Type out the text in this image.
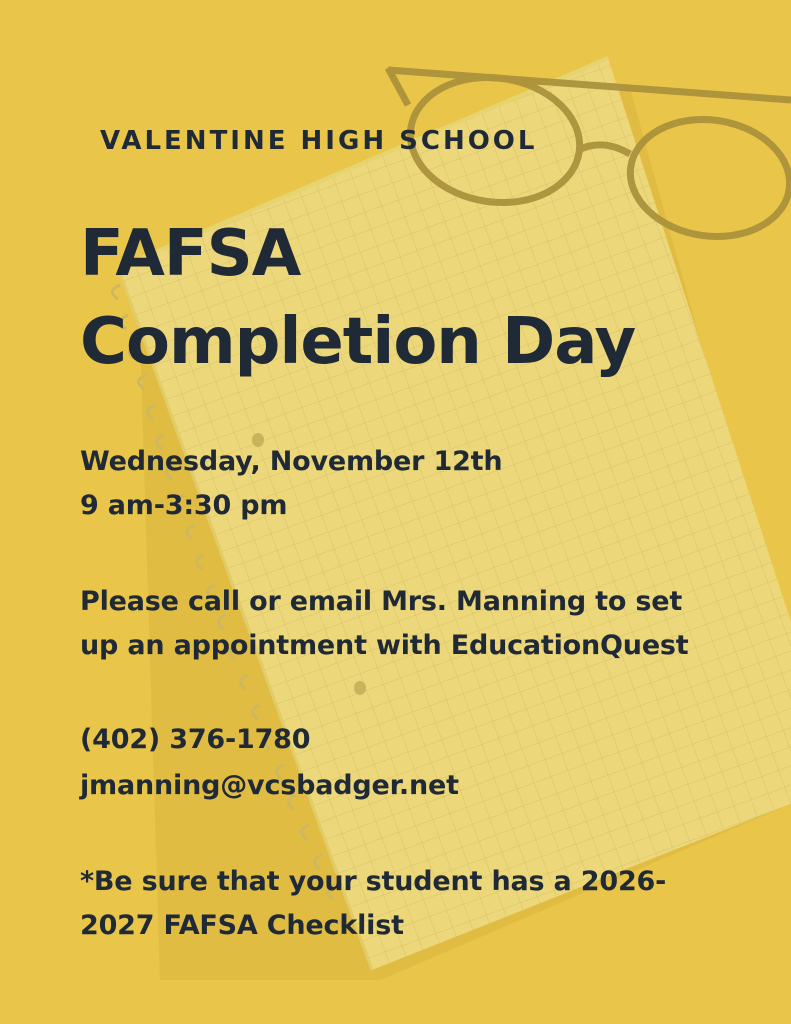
VALENTINE HIGH SCHOOL
FAFSA
Completion Day
Wednesday, November 12th
9 am-3:30 pm
Please call or email Mrs. Manning to set
up an appointment with EducationQuest
(402) 376-1780
jmanning@vcsbadger.net
*Be sure that your student has a 2026-
2027 FAFSA Checklist
